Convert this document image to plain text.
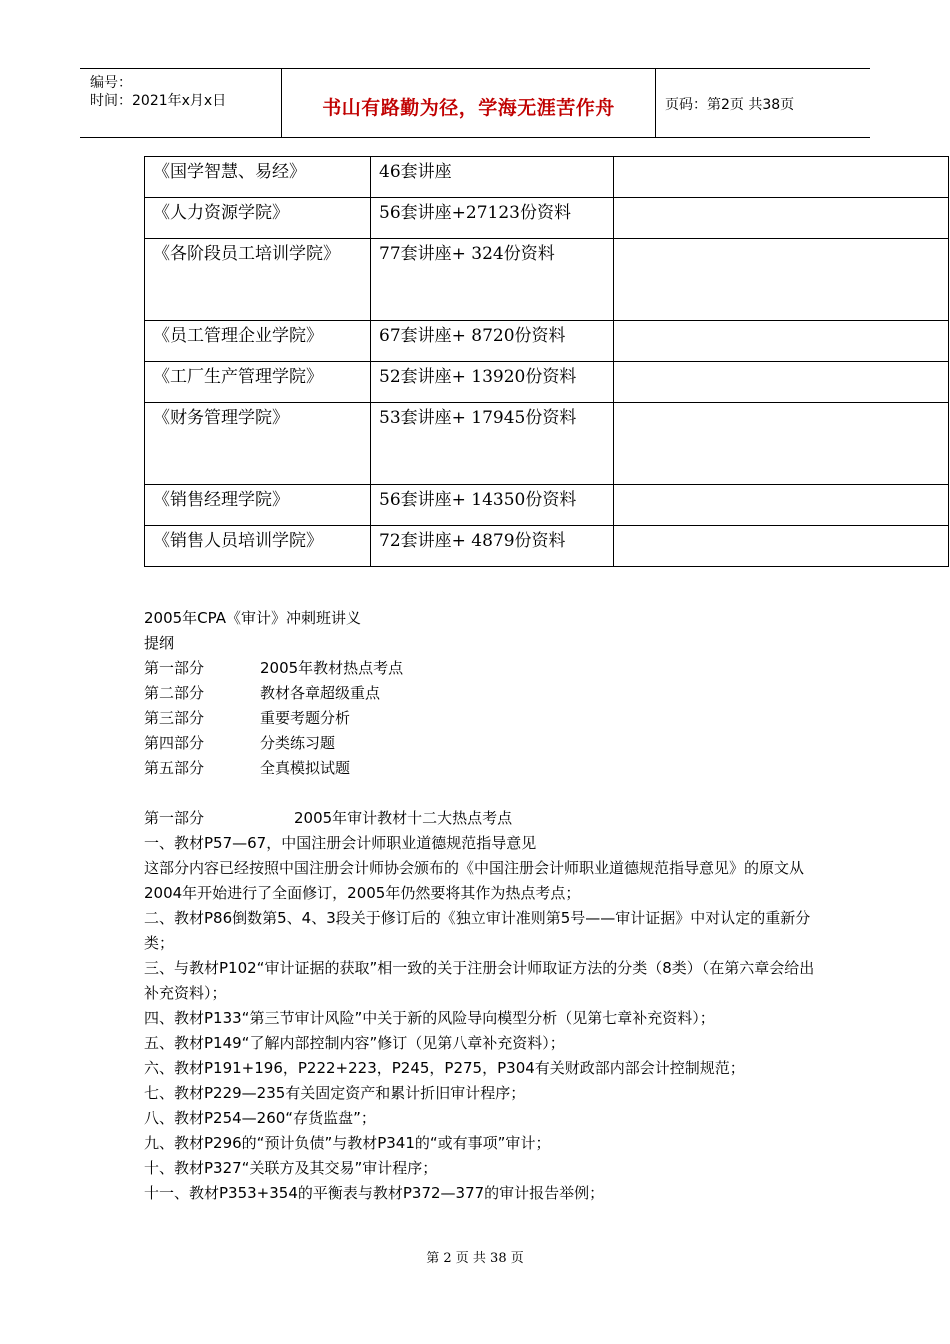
编号：
时间：2021年x月x日	书山有路勤为径，学海无涯苦作舟	页码：第2页 共38页
《国学智慧、易经》	46套讲座	

《人力资源学院》	56套讲座+27123份资料	

《各阶段员工培训学院》	77套讲座+ 324份资料	

《员工管理企业学院》	67套讲座+ 8720份资料	

《工厂生产管理学院》	52套讲座+ 13920份资料	

《财务管理学院》	53套讲座+ 17945份资料	

《销售经理学院》	56套讲座+ 14350份资料	

《销售人员培训学院》	72套讲座+ 4879份资料	

2005年CPA《审计》冲刺班讲义

提纲

第一部分	2005年教材热点考点

第二部分	教材各章超级重点

第三部分	重要考题分析

第四部分	分类练习题

第五部分	全真模拟试题

第一部分	2005年审计教材十二大热点考点

一、教材P57—67，中国注册会计师职业道德规范指导意见

这部分内容已经按照中国注册会计师协会颁布的《中国注册会计师职业道德规范指导意见》的原文从2004年开始进行了全面修订，2005年仍然要将其作为热点考点；

二、教材P86倒数第5、4、3段关于修订后的《独立审计准则第5号——审计证据》中对认定的重新分类；

三、与教材P102“审计证据的获取”相一致的关于注册会计师取证方法的分类（8类）（在第六章会给出补充资料）；

四、教材P133“第三节审计风险”中关于新的风险导向模型分析（见第七章补充资料）；

五、教材P149“了解内部控制内容”修订（见第八章补充资料）；

六、教材P191+196，P222+223，P245，P275，P304有关财政部内部会计控制规范；

七、教材P229—235有关固定资产和累计折旧审计程序；

八、教材P254—260“存货监盘”；

九、教材P296的“预计负债”与教材P341的“或有事项”审计；

十、教材P327“关联方及其交易”审计程序；

十一、教材P353+354的平衡表与教材P372—377的审计报告举例；

第 2 页 共 38 页
